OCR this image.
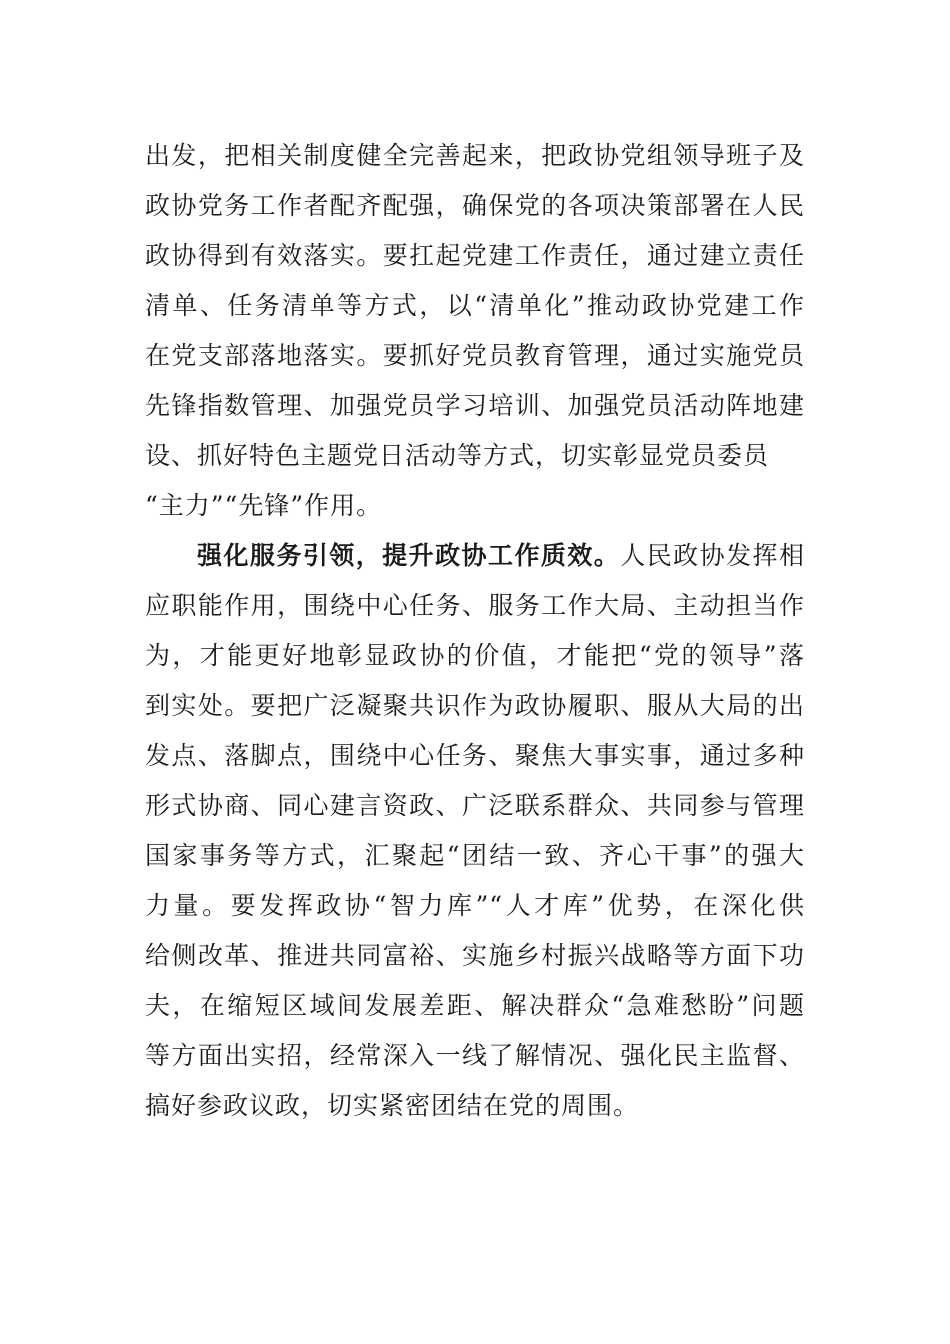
出发，把相关制度健全完善起来，把政协党组领导班子及
政协党务工作者配齐配强，确保党的各项决策部署在人民
政协得到有效落实。要扛起党建工作责任，通过建立责任
清单、任务清单等方式，以“清单化”推动政协党建工作
在党支部落地落实。要抓好党员教育管理，通过实施党员
先锋指数管理、加强党员学习培训、加强党员活动阵地建
设、抓好特色主题党日活动等方式，切实彰显党员委员
“主力”“先锋”作用。
强化服务引领，提升政协工作质效。人民政协发挥相
应职能作用，围绕中心任务、服务工作大局、主动担当作
为，才能更好地彰显政协的价值，才能把“党的领导”落
到实处。要把广泛凝聚共识作为政协履职、服从大局的出
发点、落脚点，围绕中心任务、聚焦大事实事，通过多种
形式协商、同心建言资政、广泛联系群众、共同参与管理
国家事务等方式，汇聚起“团结一致、齐心干事”的强大
力量。要发挥政协“智力库”“人才库”优势，在深化供
给侧改革、推进共同富裕、实施乡村振兴战略等方面下功
夫，在缩短区域间发展差距、解决群众“急难愁盼”问题
等方面出实招，经常深入一线了解情况、强化民主监督、
搞好参政议政，切实紧密团结在党的周围。
